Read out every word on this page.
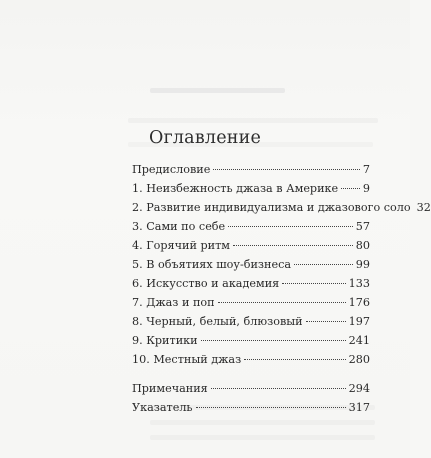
Оглавление
Предисловие	7
1. Неизбежность джаза в Америке 9
2. Развитие индивидуализма и джазового соло 32
3. Сами по себе	57
4. Горячий ритм	80
5. В объятиях шоу-бизнеса	99
6. Искусство и академия	133
7. Джаз и поп	176
8. Черный, белый, блюзовый	197
9. Критики	241
10. Местный джаз	280
Примечания	294
Указатель	317
